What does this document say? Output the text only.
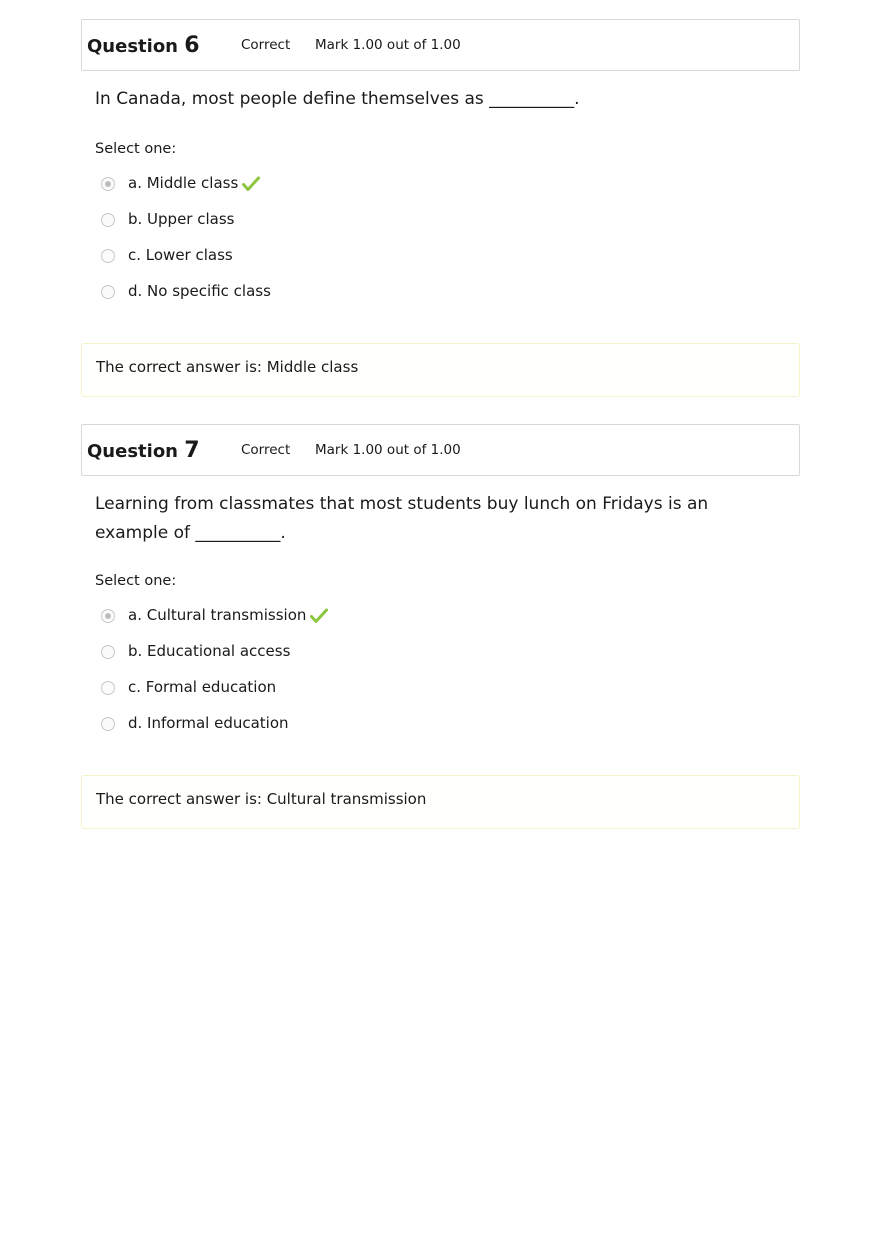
Question 6	Correct	Mark 1.00 out of 1.00
In Canada, most people define themselves as __________.
Select one:
a. Middle class
b. Upper class
c. Lower class
d. No specific class
The correct answer is: Middle class
Question 7	Correct	Mark 1.00 out of 1.00
Learning from classmates that most students buy lunch on Fridays is an example of __________.
Select one:
a. Cultural transmission
b. Educational access
c. Formal education
d. Informal education
The correct answer is: Cultural transmission
